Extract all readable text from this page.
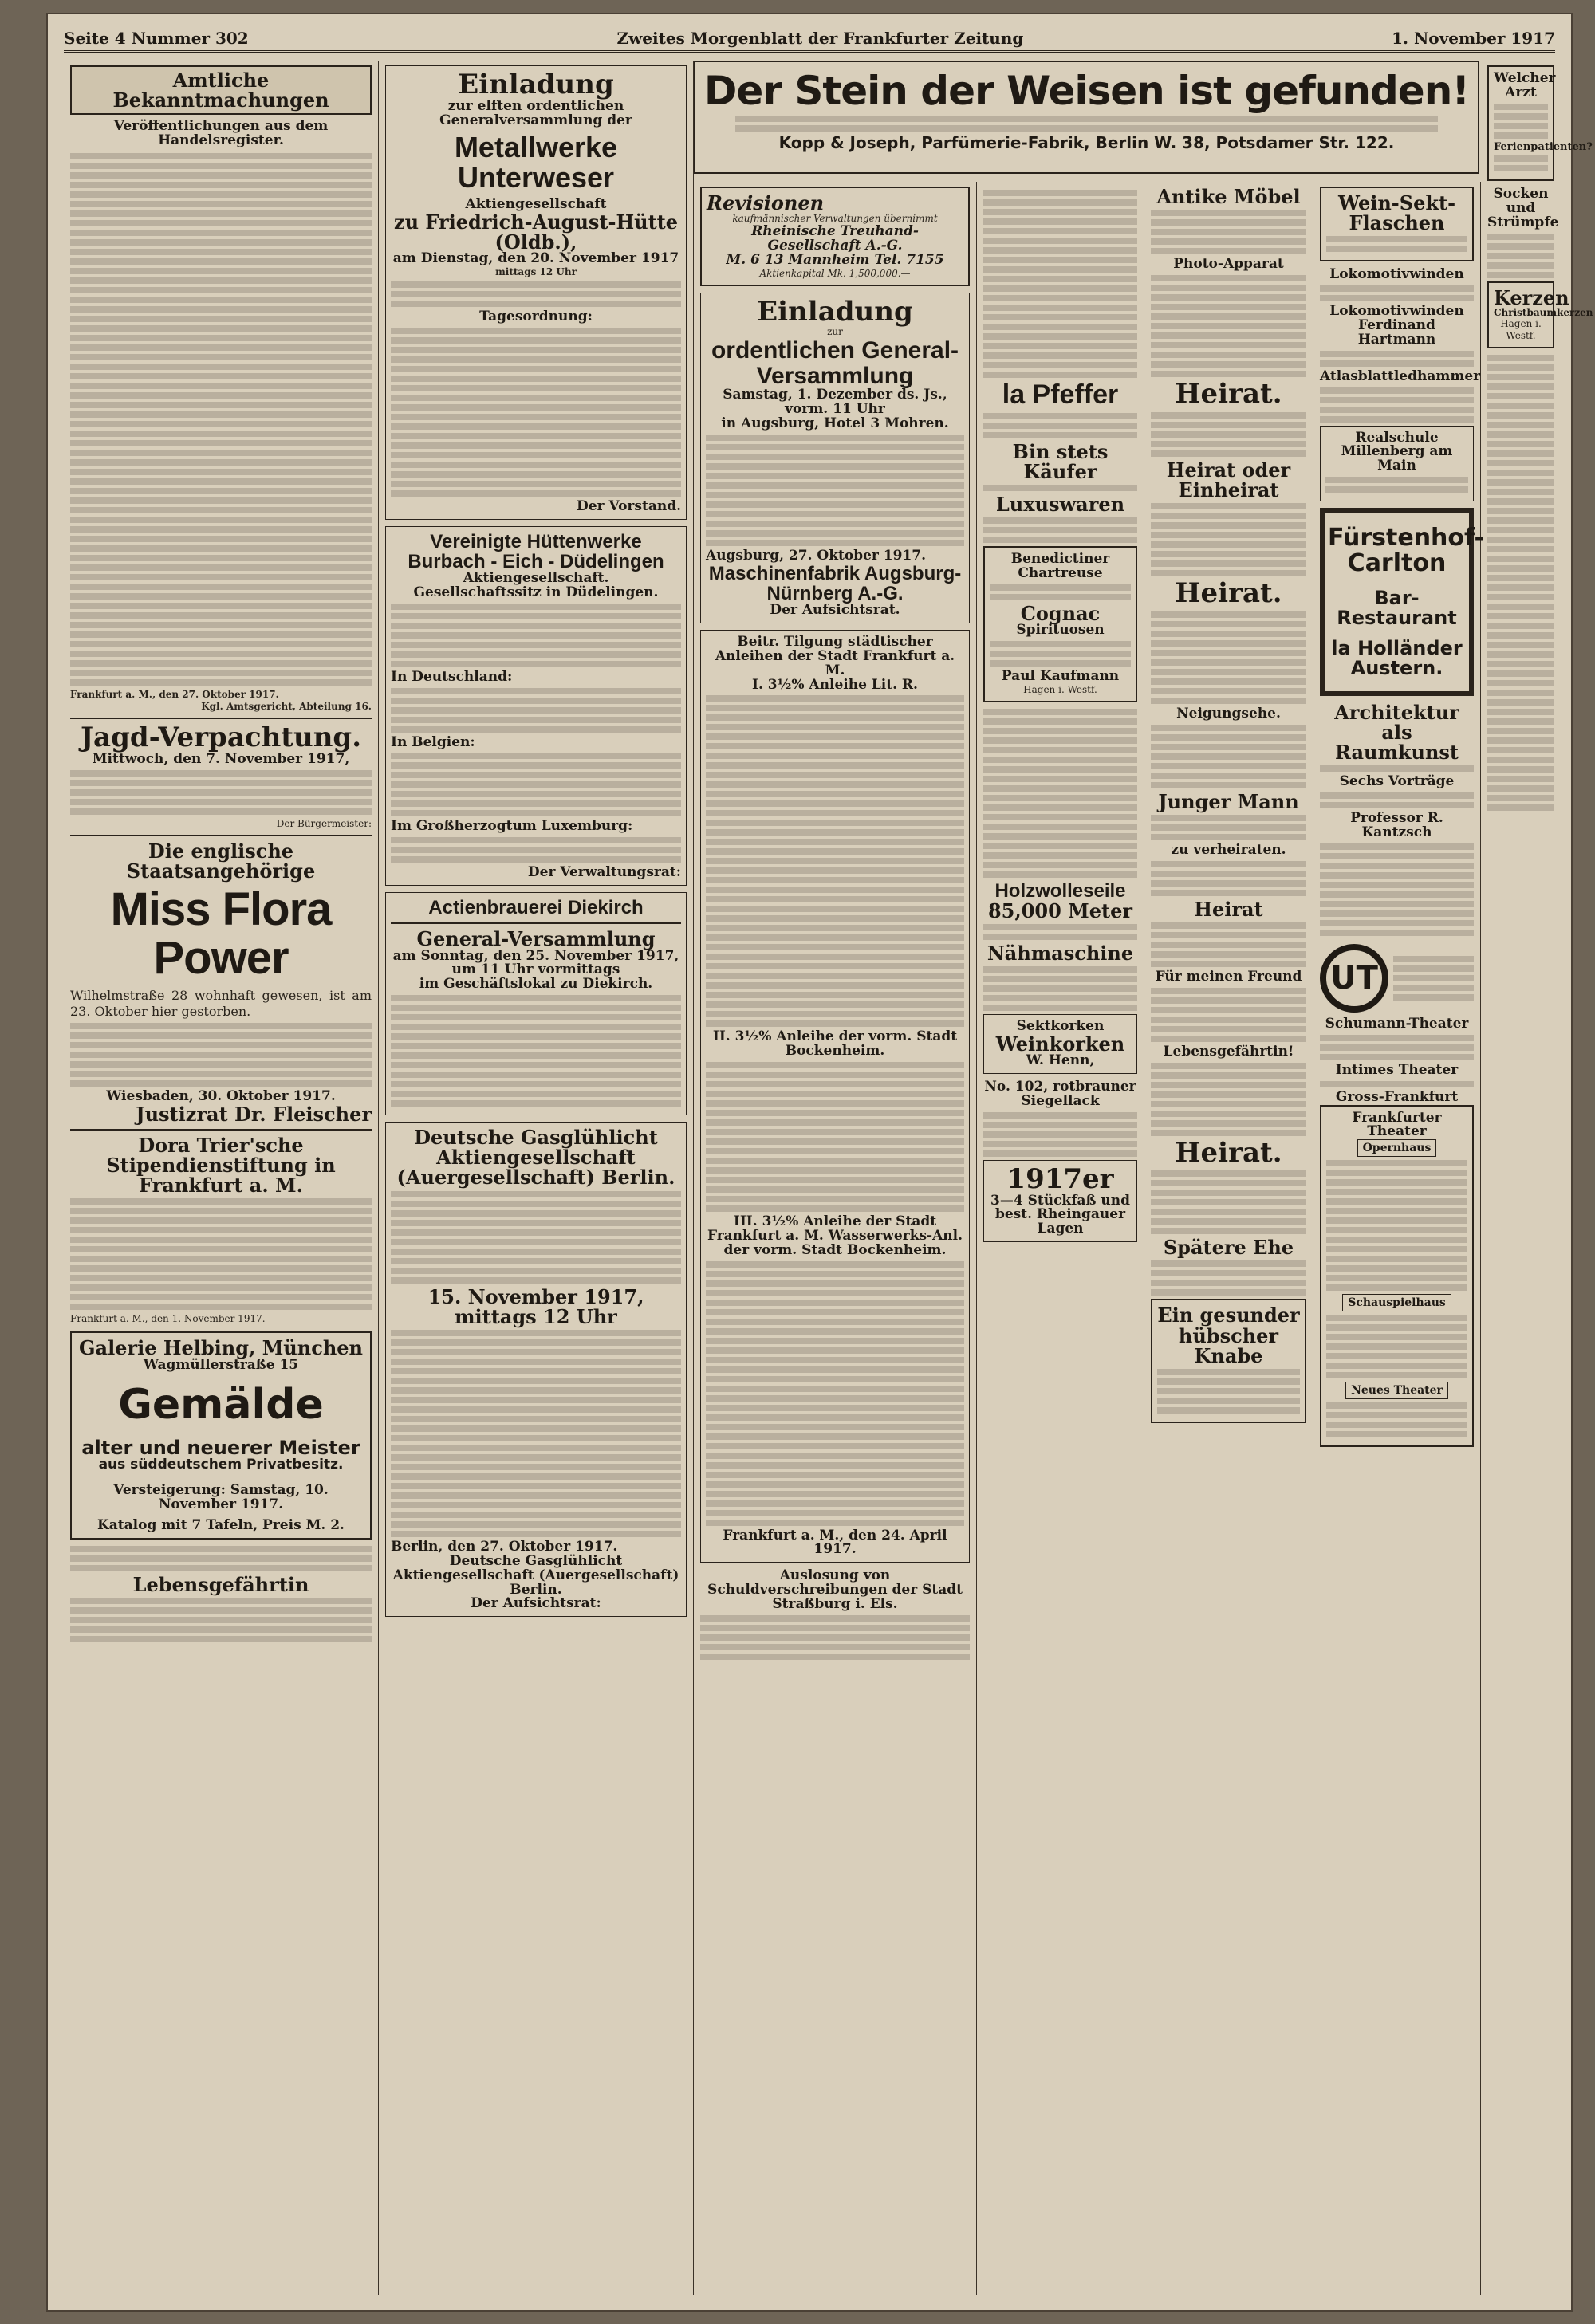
Seite 4 Nummer 302	Zweites Morgenblatt der Frankfurter Zeitung	1. November 1917
Amtliche Bekanntmachungen
Veröffentlichungen aus dem Handelsregister.
Frankfurt a. M., den 27. Oktober 1917.
Kgl. Amtsgericht, Abteilung 16.
Jagd-Verpachtung.
Mittwoch, den 7. November 1917,
Der Bürgermeister:
Die englische Staatsangehörige
Miss Flora Power
Wilhelmstraße 28 wohnhaft gewesen, ist am 23. Oktober hier gestorben.
Wiesbaden, 30. Oktober 1917.
Justizrat Dr. Fleischer
Dora Trier'sche Stipendienstiftung in Frankfurt a. M.
Frankfurt a. M., den 1. November 1917.
Galerie Helbing, München
Wagmüllerstraße 15
Gemälde
alter und neuerer Meister
aus süddeutschem Privatbesitz.
Versteigerung: Samstag, 10. November 1917.
Katalog mit 7 Tafeln, Preis M. 2.
Lebensgefährtin
Einladung
zur elften ordentlichen Generalversammlung der
Metallwerke Unterweser
Aktiengesellschaft
zu Friedrich-August-Hütte (Oldb.),
am Dienstag, den 20. November 1917
mittags 12 Uhr
Tagesordnung:
Der Vorstand.
Vereinigte Hüttenwerke
Burbach - Eich - Düdelingen
Aktiengesellschaft.
Gesellschaftssitz in Düdelingen.
In Deutschland:
In Belgien:
Im Großherzogtum Luxemburg:
Der Verwaltungsrat:
Actienbrauerei Diekirch
General-Versammlung
am Sonntag, den 25. November 1917,
um 11 Uhr vormittags
im Geschäftslokal zu Diekirch.
Deutsche Gasglühlicht Aktiengesellschaft (Auergesellschaft) Berlin.
15. November 1917, mittags 12 Uhr
Berlin, den 27. Oktober 1917.
Deutsche Gasglühlicht Aktiengesellschaft (Auergesellschaft) Berlin.
Der Aufsichtsrat:
Der Stein der Weisen ist gefunden!
Kopp & Joseph, Parfümerie-Fabrik, Berlin W. 38, Potsdamer Str. 122.
Revisionen
kaufmännischer Verwaltungen übernimmt
Rheinische Treuhand-Gesellschaft A.-G.
M. 6 13 Mannheim Tel. 7155
Aktienkapital Mk. 1,500,000.—
Einladung
zur
ordentlichen General-Versammlung
Samstag, 1. Dezember ds. Js., vorm. 11 Uhr
in Augsburg, Hotel 3 Mohren.
Augsburg, 27. Oktober 1917.
Maschinenfabrik Augsburg-Nürnberg A.-G.
Der Aufsichtsrat.
Beitr. Tilgung städtischer Anleihen der Stadt Frankfurt a. M.
I. 3½% Anleihe Lit. R.
II. 3½% Anleihe der vorm. Stadt Bockenheim.
III. 3½% Anleihe der Stadt Frankfurt a. M. Wasserwerks-Anl. der vorm. Stadt Bockenheim.
Frankfurt a. M., den 24. April 1917.
Auslosung von Schuldverschreibungen der Stadt Straßburg i. Els.
la Pfeffer
Bin stets Käufer
Luxuswaren
Benedictiner Chartreuse
Cognac
Spirituosen
Paul Kaufmann
Hagen i. Westf.
Holzwolleseile
85,000 Meter
Nähmaschine
Sektkorken
Weinkorken
W. Henn,
No. 102, rotbrauner Siegellack
1917er
3—4 Stückfaß und best. Rheingauer Lagen
Antike Möbel
Photo-Apparat
Heirat.
Heirat oder Einheirat
Heirat.
Neigungsehe.
Junger Mann
zu verheiraten.
Heirat
Für meinen Freund
Lebensgefährtin!
Heirat.
Spätere Ehe
Ein gesunder hübscher Knabe
Wein-Sekt-Flaschen
Lokomotivwinden
Lokomotivwinden
Ferdinand Hartmann
Atlasblattledhammer
Realschule Millenberg am Main
Fürstenhof-Carlton
Bar-Restaurant
la Holländer Austern.
Architektur als Raumkunst
Sechs Vorträge
Professor R. Kantzsch
UT
Schumann-Theater
Intimes Theater
Gross-Frankfurt
Frankfurter Theater
Opernhaus
Schauspielhaus
Neues Theater
Welcher Arzt
Ferienpatienten?
Socken und Strümpfe
Kerzen
Christbaumkerzen
Hagen i. Westf.
